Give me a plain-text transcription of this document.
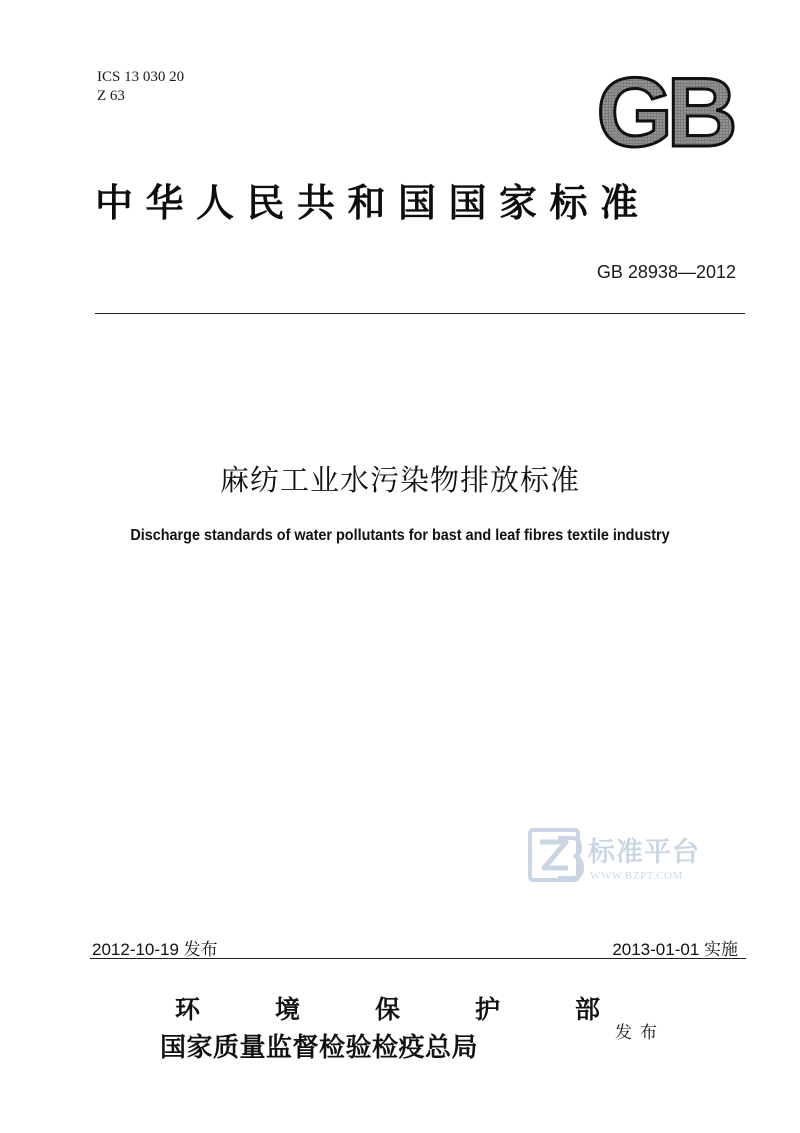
ICS 13 030 20
Z 63	GB
中华人民共和国国家标准
GB 28938—2012
麻纺工业水污染物排放标准
Discharge standards of water pollutants for bast and leaf fibres textile industry
标准平台
WWW.BZPT.COM
2012-10-19 发布	2013-01-01 实施
环	境	保	护	部
国家质量监督检验检疫总局	发布
